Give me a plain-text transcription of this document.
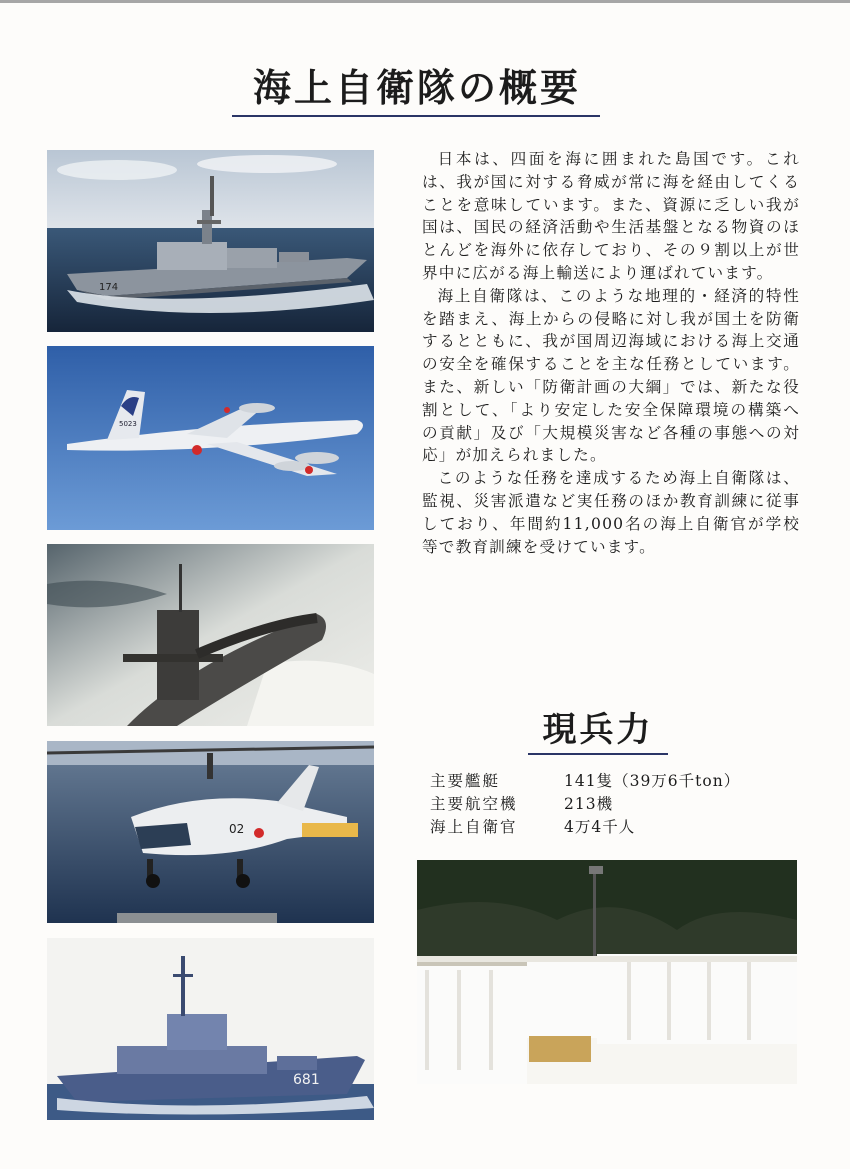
海上自衛隊の概要
174
5023
02
681

日本は、四面を海に囲まれた島国です。これは、我が国に対する脅威が常に海を経由してくることを意味しています。また、資源に乏しい我が国は、国民の経済活動や生活基盤となる物資のほとんどを海外に依存しており、その９割以上が世界中に広がる海上輸送により運ばれています。

海上自衛隊は、このような地理的・経済的特性を踏まえ、海上からの侵略に対し我が国土を防衛するとともに、我が国周辺海域における海上交通の安全を確保することを主な任務としています。また、新しい「防衛計画の大綱」では、新たな役割として、「より安定した安全保障環境の構築への貢献」及び「大規模災害など各種の事態への対応」が加えられました。

このような任務を達成するため海上自衛隊は、監視、災害派遣など実任務のほか教育訓練に従事しており、年間約11,000名の海上自衛官が学校等で教育訓練を受けています。

現兵力
主要艦艇	141隻（39万6千ton）
主要航空機	213機
海上自衛官	4万4千人
